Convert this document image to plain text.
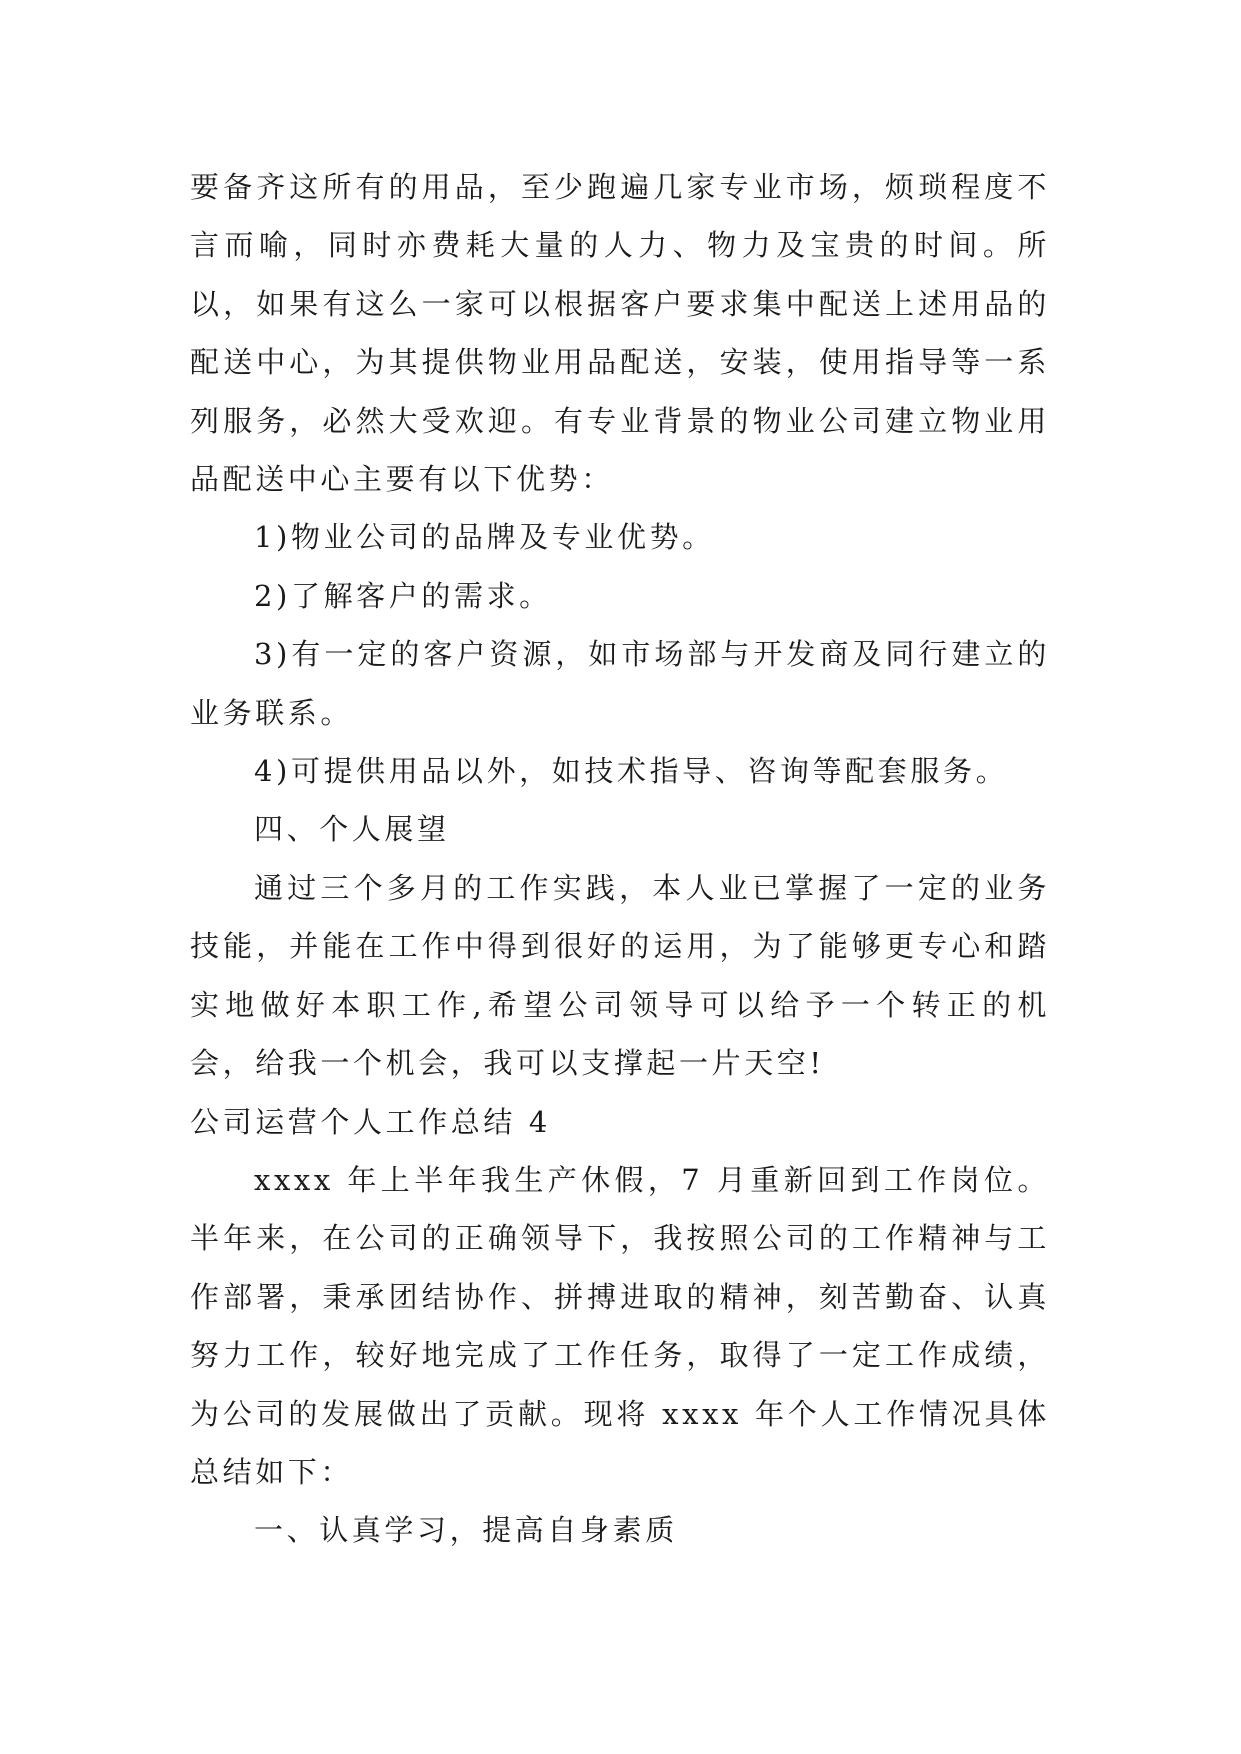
要备齐这所有的用品，至少跑遍几家专业市场，烦琐程度不言而喻，同时亦费耗大量的人力、物力及宝贵的时间。所以，如果有这么一家可以根据客户要求集中配送上述用品的配送中心，为其提供物业用品配送，安装，使用指导等一系列服务，必然大受欢迎。有专业背景的物业公司建立物业用品配送中心主要有以下优势：

1)物业公司的品牌及专业优势。

2)了解客户的需求。

3)有一定的客户资源，如市场部与开发商及同行建立的业务联系。

4)可提供用品以外，如技术指导、咨询等配套服务。

四、个人展望

通过三个多月的工作实践，本人业已掌握了一定的业务技能，并能在工作中得到很好的运用，为了能够更专心和踏实地做好本职工作,希望公司领导可以给予一个转正的机会，给我一个机会，我可以支撑起一片天空!

公司运营个人工作总结 4

xxxx 年上半年我生产休假，7 月重新回到工作岗位。半年来，在公司的正确领导下，我按照公司的工作精神与工作部署，秉承团结协作、拼搏进取的精神，刻苦勤奋、认真努力工作，较好地完成了工作任务，取得了一定工作成绩，为公司的发展做出了贡献。现将 xxxx 年个人工作情况具体总结如下：

一、认真学习，提高自身素质
